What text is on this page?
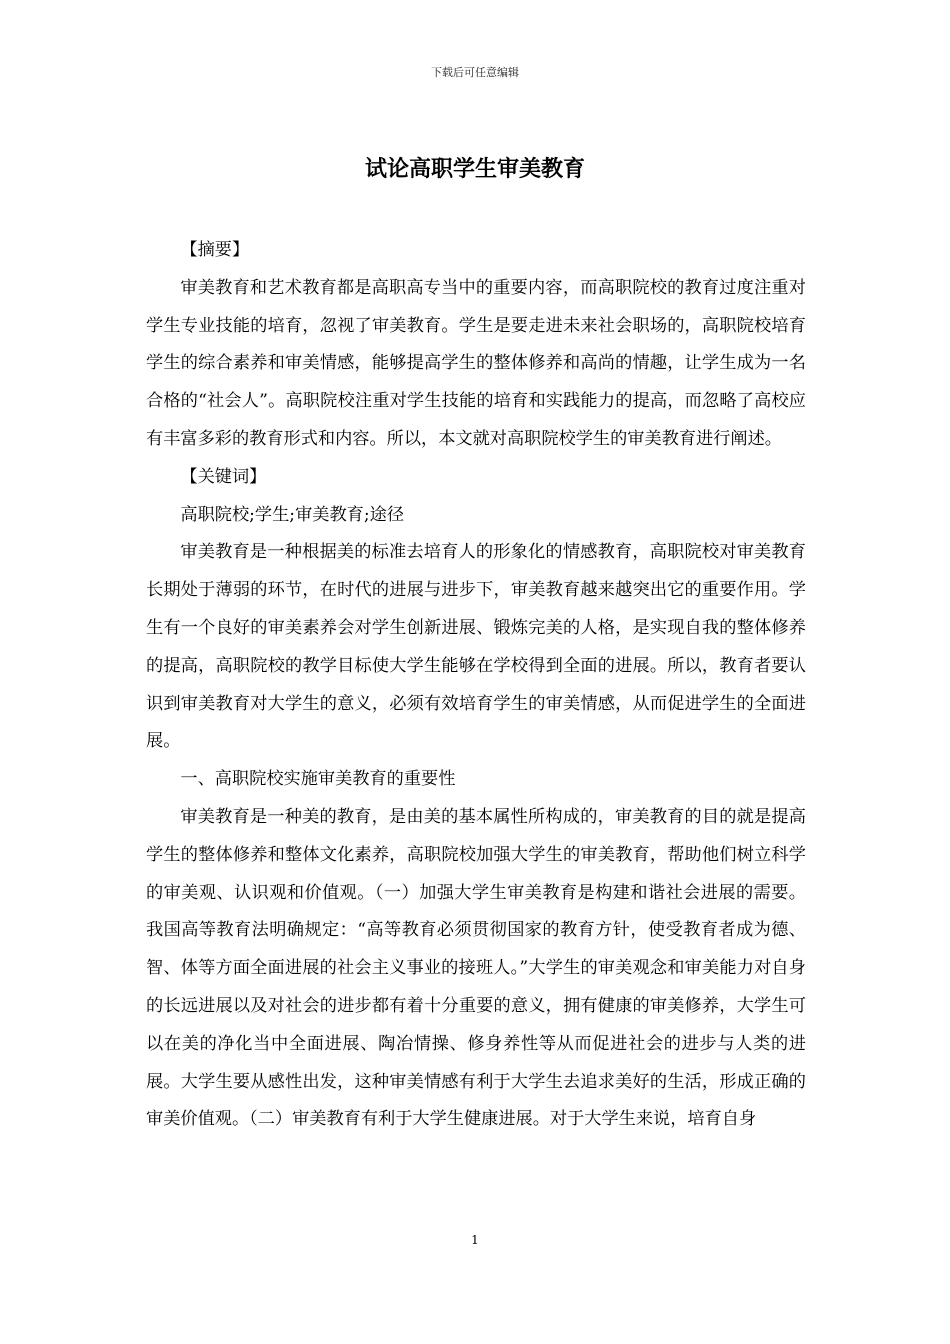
下载后可任意编辑
试论高职学生审美教育

【摘要】

审美教育和艺术教育都是高职高专当中的重要内容，而高职院校的教育过度注重对学生专业技能的培育，忽视了审美教育。学生是要走进未来社会职场的，高职院校培育学生的综合素养和审美情感，能够提高学生的整体修养和高尚的情趣，让学生成为一名合格的“社会人”。高职院校注重对学生技能的培育和实践能力的提高，而忽略了高校应有丰富多彩的教育形式和内容。所以，本文就对高职院校学生的审美教育进行阐述。

【关键词】

高职院校;学生;审美教育;途径

审美教育是一种根据美的标准去培育人的形象化的情感教育，高职院校对审美教育长期处于薄弱的环节，在时代的进展与进步下，审美教育越来越突出它的重要作用。学生有一个良好的审美素养会对学生创新进展、锻炼完美的人格，是实现自我的整体修养的提高，高职院校的教学目标使大学生能够在学校得到全面的进展。所以，教育者要认识到审美教育对大学生的意义，必须有效培育学生的审美情感，从而促进学生的全面进展。

一、高职院校实施审美教育的重要性

审美教育是一种美的教育，是由美的基本属性所构成的，审美教育的目的就是提高学生的整体修养和整体文化素养，高职院校加强大学生的审美教育，帮助他们树立科学的审美观、认识观和价值观。（一）加强大学生审美教育是构建和谐社会进展的需要。我国高等教育法明确规定：“高等教育必须贯彻国家的教育方针，使受教育者成为德、智、体等方面全面进展的社会主义事业的接班人。”大学生的审美观念和审美能力对自身的长远进展以及对社会的进步都有着十分重要的意义，拥有健康的审美修养，大学生可以在美的净化当中全面进展、陶冶情操、修身养性等从而促进社会的进步与人类的进展。大学生要从感性出发，这种审美情感有利于大学生去追求美好的生活，形成正确的审美价值观。（二）审美教育有利于大学生健康进展。对于大学生来说，培育自身

1
